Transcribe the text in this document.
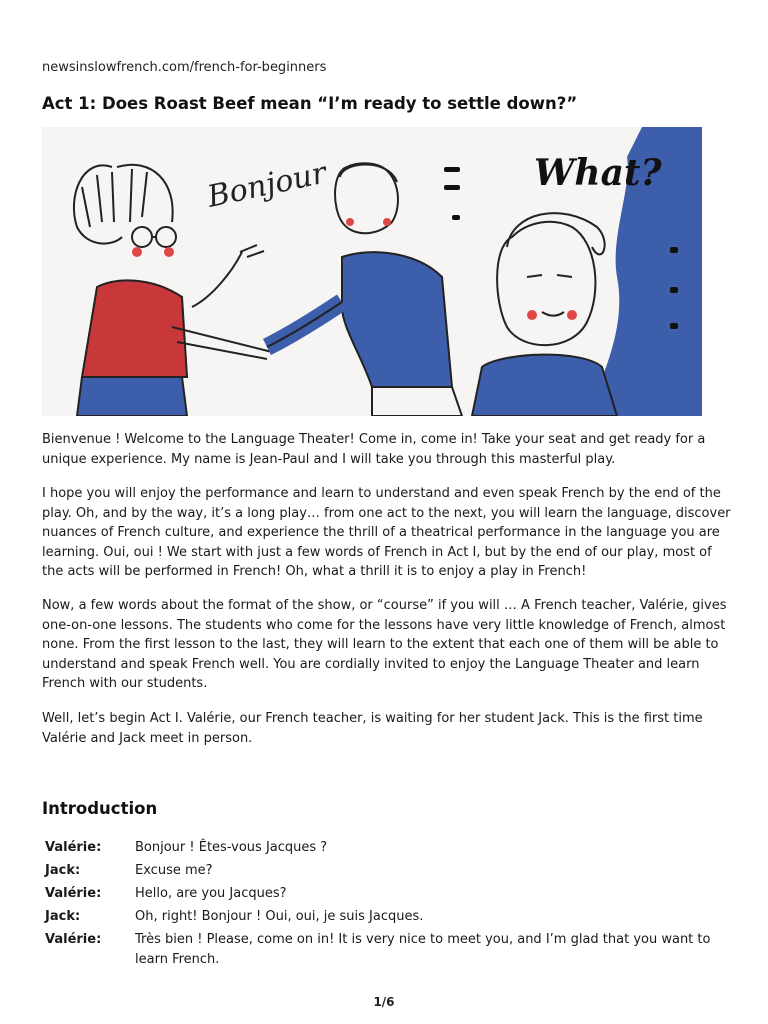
newsinslowfrench.com/french-for-beginners
Act 1: Does Roast Beef mean “I’m ready to settle down?”
Bonjour	What?

Bienvenue ! Welcome to the Language Theater! Come in, come in! Take your seat and get ready for a unique experience. My name is Jean-Paul and I will take you through this masterful play.

I hope you will enjoy the performance and learn to understand and even speak French by the end of the play. Oh, and by the way, it’s a long play… from one act to the next, you will learn the language, discover nuances of French culture, and experience the thrill of a theatrical performance in the language you are learning. Oui, oui ! We start with just a few words of French in Act I, but by the end of our play, most of the acts will be performed in French! Oh, what a thrill it is to enjoy a play in French!

Now, a few words about the format of the show, or “course” if you will … A French teacher, Valérie, gives one-on-one lessons. The students who come for the lessons have very little knowledge of French, almost none. From the first lesson to the last, they will learn to the extent that each one of them will be able to understand and speak French well. You are cordially invited to enjoy the Language Theater and learn French with our students.

Well, let’s begin Act I. Valérie, our French teacher, is waiting for her student Jack. This is the first time Valérie and Jack meet in person.

Introduction
Valérie:	Bonjour ! Êtes-vous Jacques ?
Jack:	Excuse me?
Valérie:	Hello, are you Jacques?
Jack:	Oh, right! Bonjour ! Oui, oui, je suis Jacques.
Valérie:	Très bien ! Please, come on in! It is very nice to meet you, and I’m glad that you want to learn French.
1/6
